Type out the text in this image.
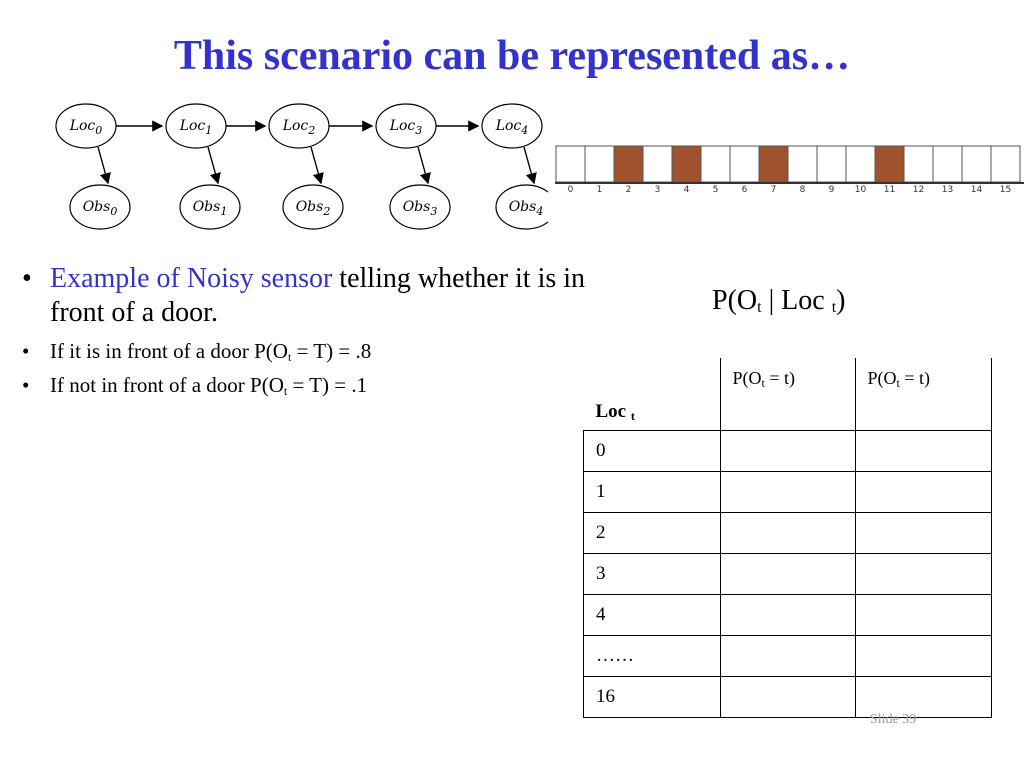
This scenario can be represented as…
Loc$_0$
Obs$_0$
Loc$_1$
Obs$_1$
Loc$_2$
Obs$_2$
Loc$_3$
Obs$_3$
Loc$_4$
Obs$_4$
0	1	2	3	4	5	6	7	8	9 10 11 12 13 14 15
• Example of Noisy sensor telling whether it is in front of a door.
• If it is in front of a door $P(O_t = T) = .8$
• If not in front of a door $P(O_t = T) = .1$
$P(O_t$ | Loc $_t$)
Loc $_t$	$P(O_t = t)$	$P(O_t = t)$
0		
1		
2		
3		
4		
……		
16		
Slide 39
